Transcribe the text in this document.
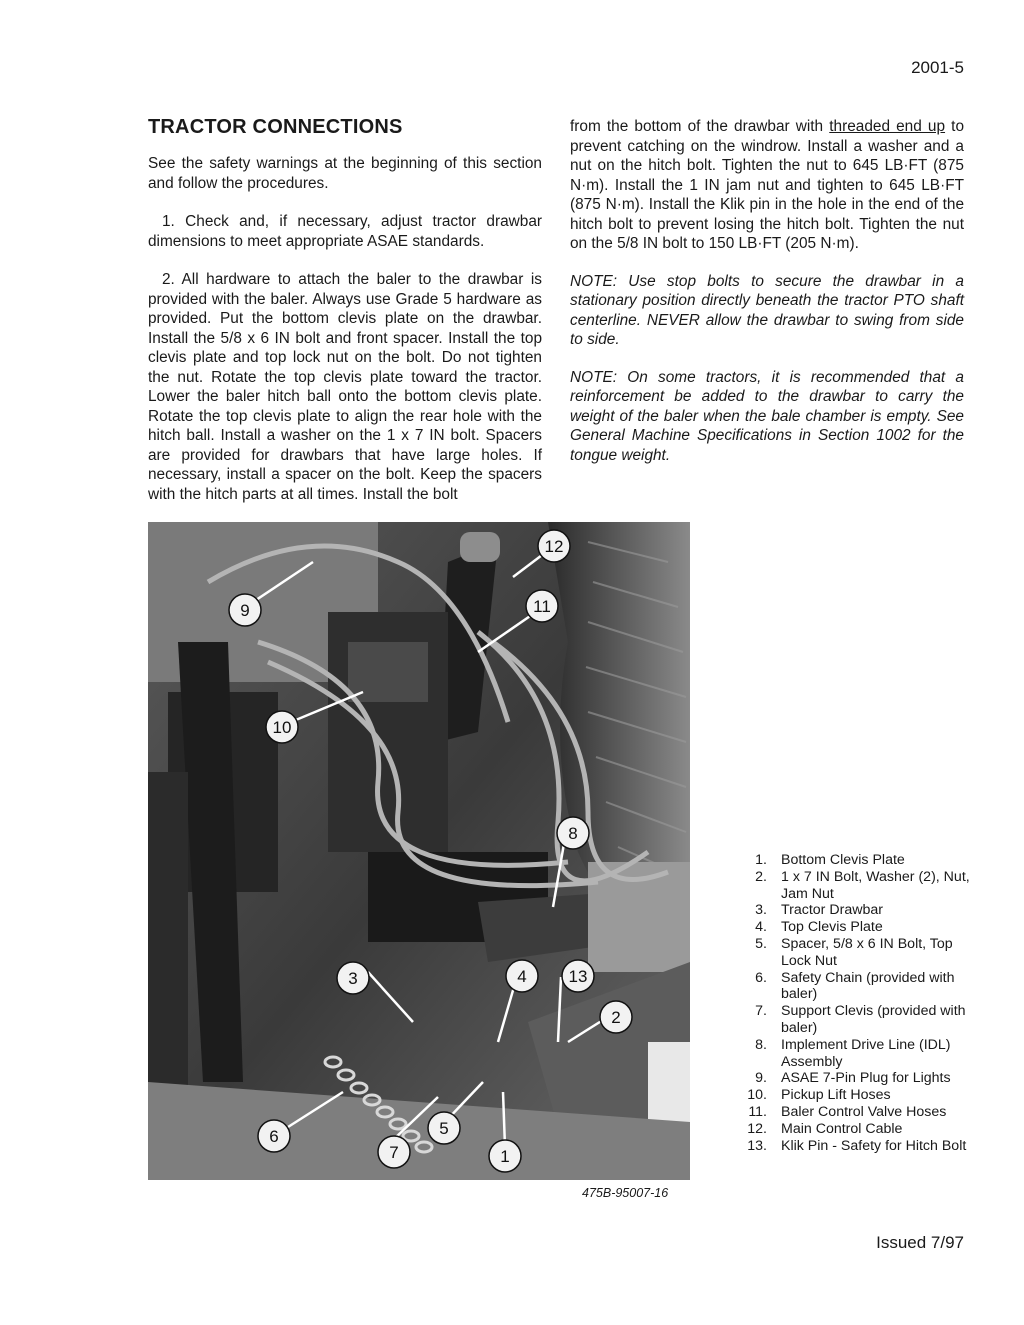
2001-5
TRACTOR CONNECTIONS

See the safety warnings at the beginning of this section and follow the procedures.

1. Check and, if necessary, adjust tractor drawbar dimensions to meet appropriate ASAE standards.

2. All hardware to attach the baler to the drawbar is provided with the baler. Always use Grade 5 hardware as provided. Put the bottom clevis plate on the drawbar. Install the 5/8 x 6 IN bolt and front spacer. Install the top clevis plate and top lock nut on the bolt. Do not tighten the nut. Rotate the top clevis plate toward the tractor. Lower the baler hitch ball onto the bottom clevis plate. Rotate the top clevis plate to align the rear hole with the hitch ball. Install a washer on the 1 x 7 IN bolt. Spacers are provided for drawbars that have large holes. If necessary, install a spacer on the bolt. Keep the spacers with the hitch parts at all times. Install the bolt

from the bottom of the drawbar with threaded end up to prevent catching on the windrow. Install a washer and a nut on the hitch bolt. Tighten the nut to 645 LB·FT (875 N·m). Install the 1 IN jam nut and tighten to 645 LB·FT (875 N·m). Install the Klik pin in the hole in the end of the hitch bolt to prevent losing the hitch bolt. Tighten the nut on the 5/8 IN bolt to 150 LB·FT (205 N·m).

NOTE: Use stop bolts to secure the drawbar in a stationary position directly beneath the tractor PTO shaft centerline. NEVER allow the drawbar to swing from side to side.

NOTE: On some tractors, it is recommended that a reinforcement be added to the drawbar to carry the weight of the baler when the bale chamber is empty. See General Machine Specifications in Section 1002 for the tongue weight.

12
9	11
10
8
3	4 13
2
6
7
5
1
475B-95007-16
1. Bottom Clevis Plate
2. 1 x 7 IN Bolt, Washer (2), Nut, Jam Nut
3. Tractor Drawbar
4. Top Clevis Plate
5. Spacer, 5/8 x 6 IN Bolt, Top Lock Nut
6. Safety Chain (provided with baler)
7. Support Clevis (provided with baler)
8. Implement Drive Line (IDL) Assembly
9. ASAE 7-Pin Plug for Lights
10. Pickup Lift Hoses
11. Baler Control Valve Hoses
12. Main Control Cable
13. Klik Pin - Safety for Hitch Bolt
Issued 7/97
